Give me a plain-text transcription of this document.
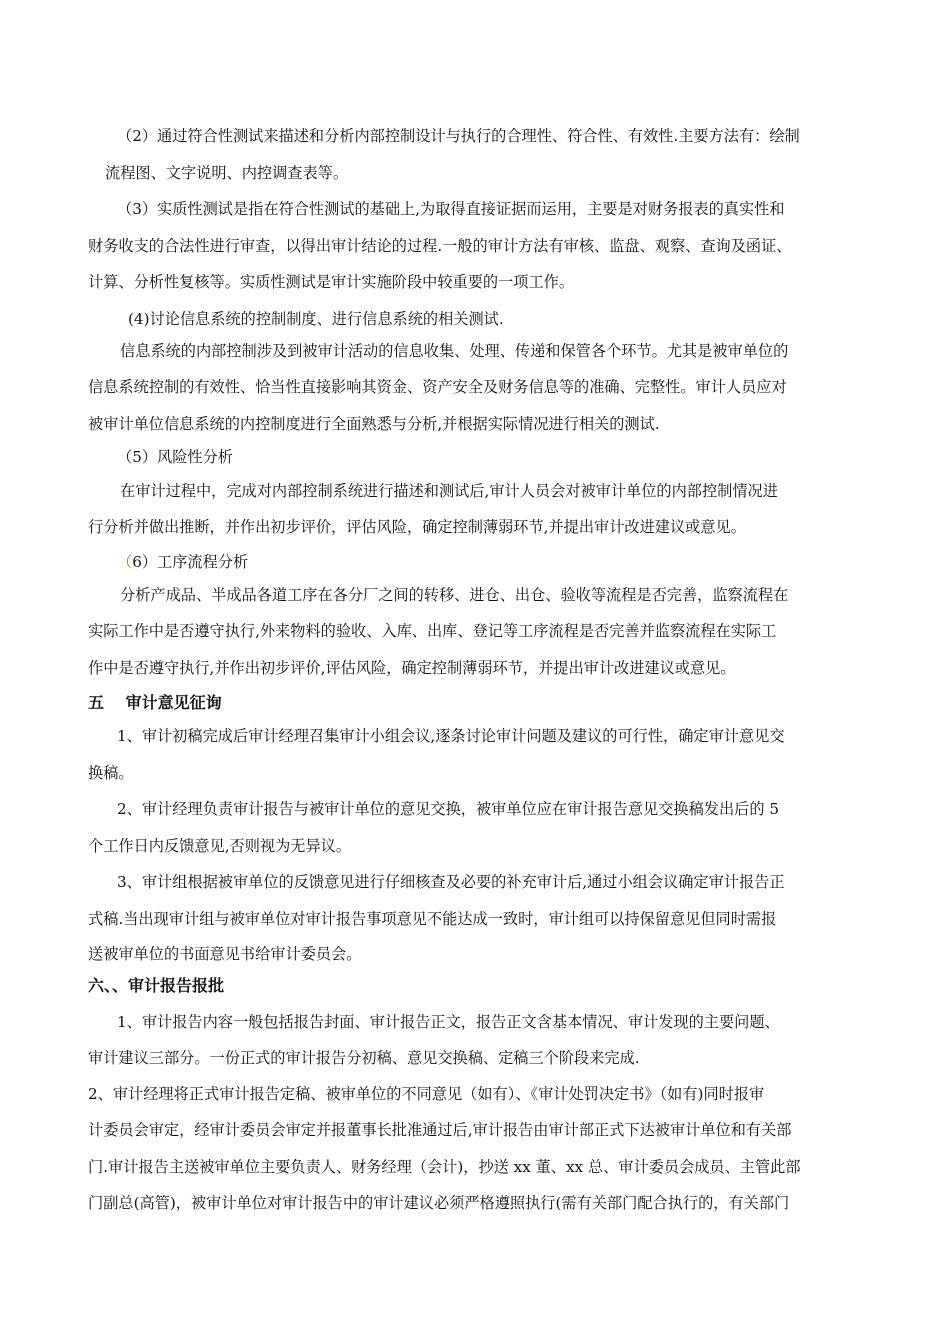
（2）通过符合性测试来描述和分析内部控制设计与执行的合理性、符合性、有效性.主要方法有：绘制
流程图、文字说明、内控调查表等。
（3）实质性测试是指在符合性测试的基础上,为取得直接证据而运用，主要是对财务报表的真实性和
财务收支的合法性进行审查，以得出审计结论的过程.一般的审计方法有审核、监盘、观察、查询及函证、
计算、分析性复核等。实质性测试是审计实施阶段中较重要的一项工作。
(4)讨论信息系统的控制制度、进行信息系统的相关测试.
信息系统的内部控制涉及到被审计活动的信息收集、处理、传递和保管各个环节。尤其是被审单位的
信息系统控制的有效性、恰当性直接影响其资金、资产安全及财务信息等的准确、完整性。审计人员应对
被审计单位信息系统的内控制度进行全面熟悉与分析,并根据实际情况进行相关的测试.
（5）风险性分析
在审计过程中，完成对内部控制系统进行描述和测试后,审计人员会对被审计单位的内部控制情况进
行分析并做出推断，并作出初步评价，评估风险，确定控制薄弱环节,并提出审计改进建议或意见。
（6）工序流程分析
分析产成品、半成品各道工序在各分厂之间的转移、进仓、出仓、验收等流程是否完善，监察流程在
实际工作中是否遵守执行,外来物料的验收、入库、出库、登记等工序流程是否完善并监察流程在实际工
作中是否遵守执行,并作出初步评价,评估风险，确定控制薄弱环节，并提出审计改进建议或意见。
五　 审计意见征询
1、审计初稿完成后审计经理召集审计小组会议,逐条讨论审计问题及建议的可行性，确定审计意见交
换稿。
2、审计经理负责审计报告与被审计单位的意见交换，被审单位应在审计报告意见交换稿发出后的 5
个工作日内反馈意见,否则视为无异议。
3、审计组根据被审单位的反馈意见进行仔细核查及必要的补充审计后,通过小组会议确定审计报告正
式稿.当出现审计组与被审单位对审计报告事项意见不能达成一致时，审计组可以持保留意见但同时需报
送被审单位的书面意见书给审计委员会。
六、、审计报告报批
1、审计报告内容一般包括报告封面、审计报告正文，报告正文含基本情况、审计发现的主要问题、
审计建议三部分。一份正式的审计报告分初稿、意见交换稿、定稿三个阶段来完成.
2、审计经理将正式审计报告定稿、被审单位的不同意见（如有）、《审计处罚决定书》（如有)同时报审
计委员会审定，经审计委员会审定并报董事长批准通过后,审计报告由审计部正式下达被审计单位和有关部
门.审计报告主送被审单位主要负责人、财务经理（会计)，抄送 xx 董、xx 总、审计委员会成员、主管此部
门副总(高管)，被审计单位对审计报告中的审计建议必须严格遵照执行(需有关部门配合执行的，有关部门
